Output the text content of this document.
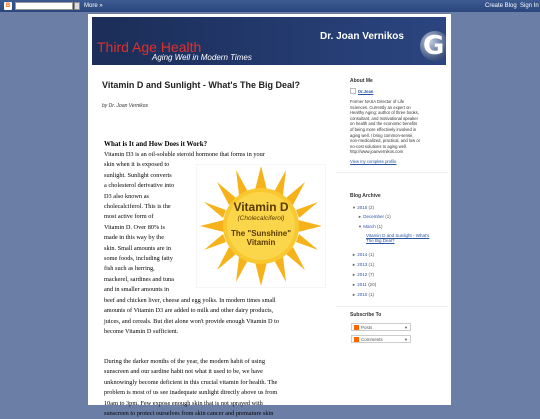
B	More »	Create Blog Sign In
Third Age Health
Aging Well in Modern Times
Dr. Joan Vernikos G
Vitamin D and Sunlight - What's The Big Deal?
by Dr. Joan Vernikos
What is It and How Does it Work?
Vitamin D3 is an oil-soluble steroid hormone that forms in your
skin when it is exposed to
sunlight. Sunlight converts
a cholesterol derivative into
D3 also known as
cholecalciferol. This is the
most active form of
Vitamin D. Over 80% is
made in this way by the
skin. Small amounts are in
some foods, including fatty
fish such as herring,
mackerel, sardines and tuna
and in smaller amounts in
beef and chicken liver, cheese and egg yolks. In modern times small
amounts of Vitamin D3 are added to milk and other dairy products,
juices, and cereals. But diet alone won't provide enough Vitamin D to
become Vitamin D sufficient.
Vitamin D
(Cholecalciferol)
The "Sunshine"
Vitamin
During the darker months of the year, the modern habit of using
sunscreen and our sardine habit not what it used to be, we have
unknowingly become deficient in this crucial vitamin for health. The
problem is most of us see inadequate sunlight directly above us from
10am to 3pm. Few expose enough skin that is not sprayed with
sunscreen to protect ourselves from skin cancer and premature skin
About Me
Dr.Joan
Former NASA Director of Life
Sciences. Currently an expert on
Healthy Aging; author of three books,
consultant, and motivational speaker
on health and the economic benefits
of being more effectively involved in
aging well. I bring common-sense,
non-medicalized, practical, and low or
no-cost solutions to aging well.
http://www.joanvernikos.com
View my complete profile
Blog Archive
▼ 2015 (2)
► December (1)
▼ March (1)
Vitamin D and Sunlight - What's
The Big Deal?
► 2014 (1)
► 2013 (1)
► 2012 (7)
► 2011 (20)
► 2010 (1)
Subscribe To
Posts	▼
Comments	▼
